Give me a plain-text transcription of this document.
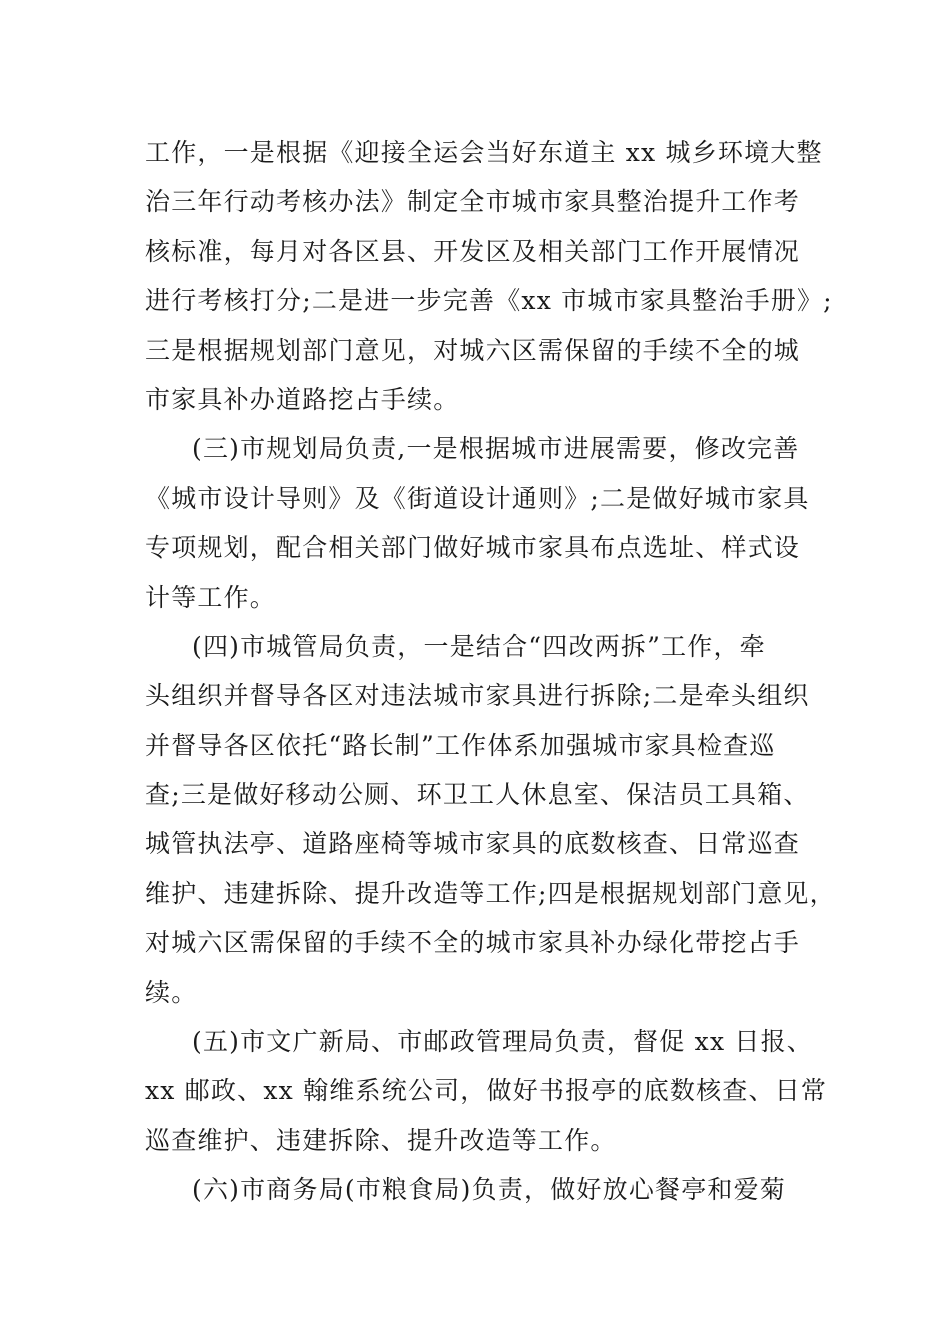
工作，一是根据《迎接全运会当好东道主 xx 城乡环境大整
治三年行动考核办法》制定全市城市家具整治提升工作考
核标准，每月对各区县、开发区及相关部门工作开展情况
进行考核打分;二是进一步完善《xx 市城市家具整治手册》;
三是根据规划部门意见，对城六区需保留的手续不全的城
市家具补办道路挖占手续。
(三)市规划局负责,一是根据城市进展需要，修改完善
《城市设计导则》及《街道设计通则》;二是做好城市家具
专项规划，配合相关部门做好城市家具布点选址、样式设
计等工作。
(四)市城管局负责，一是结合“四改两拆”工作，牵
头组织并督导各区对违法城市家具进行拆除;二是牵头组织
并督导各区依托“路长制”工作体系加强城市家具检查巡
查;三是做好移动公厕、环卫工人休息室、保洁员工具箱、
城管执法亭、道路座椅等城市家具的底数核查、日常巡查
维护、违建拆除、提升改造等工作;四是根据规划部门意见，
对城六区需保留的手续不全的城市家具补办绿化带挖占手
续。
(五)市文广新局、市邮政管理局负责，督促 xx 日报、
xx 邮政、xx 翰维系统公司，做好书报亭的底数核查、日常
巡查维护、违建拆除、提升改造等工作。
(六)市商务局(市粮食局)负责，做好放心餐亭和爱菊
